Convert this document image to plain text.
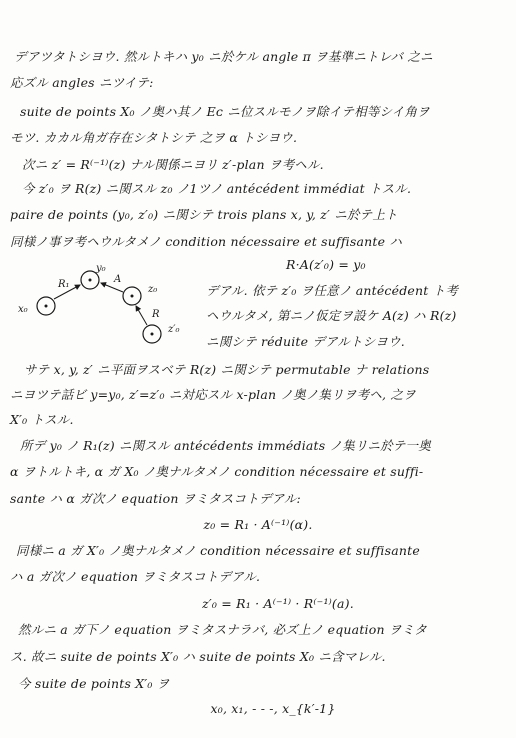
デアツタトシヨウ. 然ルトキハ y₀ ニ於ケル angle π ヲ基準ニトレバ 之ニ
応ズル angles ニツイテ:
suite de points X₀ ノ奥ハ其ノ Eᴄ ニ位スルモノヲ除イテ相等シイ角ヲ
モツ. カカル角ガ存在シタトシテ 之ヲ α トシヨウ.
次ニ z′ = R⁽⁻¹⁾(z) ナル関係ニヨリ z′-plan ヲ考ヘル.
今 z′₀ ヲ R(z) ニ関スル z₀ ノ1ツノ antécédent immédiat トスル.
paire de points (y₀, z′₀) ニ関シテ trois plans x, y, z′ ニ於テ上ト
同様ノ事ヲ考ヘウルタメノ condition nécessaire et suffisante ハ
x₀
R₁
y₀
A
z₀
R
z′₀
R·A(z′₀) = y₀
デアル. 依テ z′₀ ヲ任意ノ antécédent ト考
ヘウルタメ, 第ニノ仮定ヲ設ケ A(z) ハ R(z)
ニ関シテ réduite デアルトシヨウ.
サテ x, y, z′ ニ平面ヲスベテ R(z) ニ関シテ permutable ナ relations
ニヨツテ話ビ y=y₀, z′=z′₀ ニ対応スル x-plan ノ奥ノ集リヲ考ヘ, 之ヲ
X′₀ トスル.
所デ y₀ ノ R₁(z) ニ関スル antécédents immédiats ノ集リニ於テ一奥
α ヲトルトキ, α ガ X₀ ノ奥ナルタメノ condition nécessaire et suffi-
sante ハ α ガ次ノ equation ヲミタスコトデアル:
z₀ = R₁ · A⁽⁻¹⁾(α).
同様ニ a ガ X′₀ ノ奥ナルタメノ condition nécessaire et suffisante
ハ a ガ次ノ equation ヲミタスコトデアル.
z′₀ = R₁ · A⁽⁻¹⁾ · R⁽⁻¹⁾(a).
然ルニ a ガ下ノ equation ヲミタスナラバ, 必ズ上ノ equation ヲミタ
ス. 故ニ suite de points X′₀ ハ suite de points X₀ ニ含マレル.
今 suite de points X′₀ ヲ
x₀, x₁, - - -, x_{k′-1}
